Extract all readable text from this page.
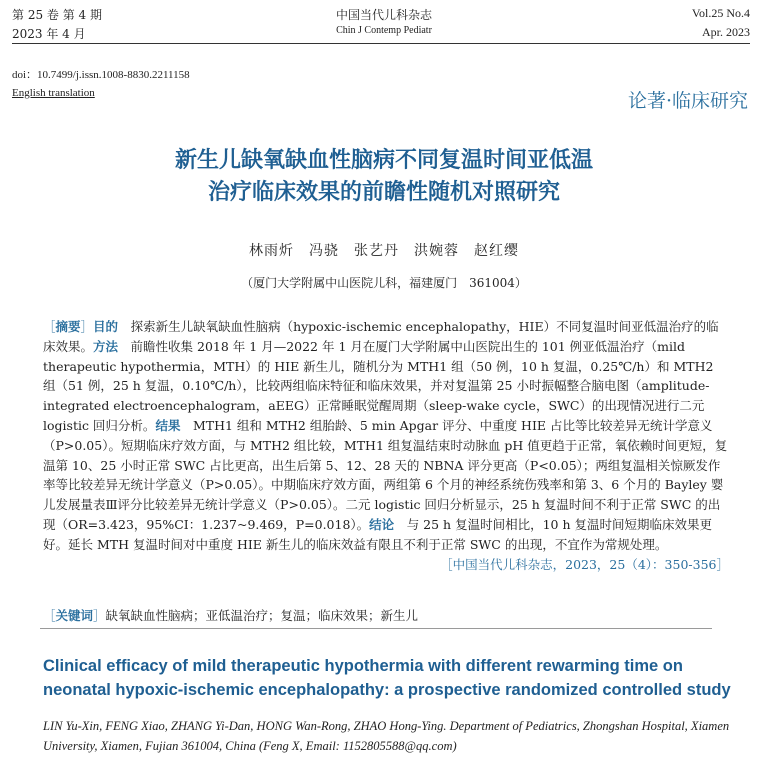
第 25 卷 第 4 期
2023 年 4 月
中国当代儿科杂志
Chin J Contemp Pediatr
Vol.25 No.4
Apr. 2023
doi：10.7499/j.issn.1008-8830.2211158
English translation	论著·临床研究
新生儿缺氧缺血性脑病不同复温时间亚低温
治疗临床效果的前瞻性随机对照研究
林雨炘　冯骁　张艺丹　洪婉蓉　赵红缨
（厦门大学附属中山医院儿科，福建厦门　361004）
［摘要］目的　探索新生儿缺氧缺血性脑病（hypoxic-ischemic encephalopathy，HIE）不同复温时间亚低温治疗的临床效果。方法　前瞻性收集 2018 年 1 月—2022 年 1 月在厦门大学附属中山医院出生的 101 例亚低温治疗（mild therapeutic hypothermia，MTH）的 HIE 新生儿，随机分为 MTH1 组（50 例，10 h 复温，0.25℃/h）和 MTH2 组（51 例，25 h 复温，0.10℃/h），比较两组临床特征和临床效果，并对复温第 25 小时振幅整合脑电图（amplitude-integrated electroencephalogram，aEEG）正常睡眠觉醒周期（sleep-wake cycle，SWC）的出现情况进行二元 logistic 回归分析。结果　MTH1 组和 MTH2 组胎龄、5 min Apgar 评分、中重度 HIE 占比等比较差异无统计学意义（P>0.05）。短期临床疗效方面，与 MTH2 组比较，MTH1 组复温结束时动脉血 pH 值更趋于正常，氧依赖时间更短，复温第 10、25 小时正常 SWC 占比更高，出生后第 5、12、28 天的 NBNA 评分更高（P<0.05）；两组复温相关惊厥发作率等比较差异无统计学意义（P>0.05）。中期临床疗效方面，两组第 6 个月的神经系统伤残率和第 3、6 个月的 Bayley 婴儿发展量表Ⅲ评分比较差异无统计学意义（P>0.05）。二元 logistic 回归分析显示，25 h 复温时间不利于正常 SWC 的出现（OR=3.423，95%CI：1.237~9.469，P=0.018）。结论　与 25 h 复温时间相比，10 h 复温时间短期临床效果更好。延长 MTH 复温时间对中重度 HIE 新生儿的临床效益有限且不利于正常 SWC 的出现，不宜作为常规处理。
［中国当代儿科杂志，2023，25（4）：350-356］
［关键词］缺氧缺血性脑病；亚低温治疗；复温；临床效果；新生儿
Clinical efficacy of mild therapeutic hypothermia with different rewarming time on neonatal hypoxic-ischemic encephalopathy: a prospective randomized controlled study
LIN Yu-Xin, FENG Xiao, ZHANG Yi-Dan, HONG Wan-Rong, ZHAO Hong-Ying. Department of Pediatrics, Zhongshan Hospital, Xiamen University, Xiamen, Fujian 361004, China (Feng X, Email: 1152805588@qq.com)
